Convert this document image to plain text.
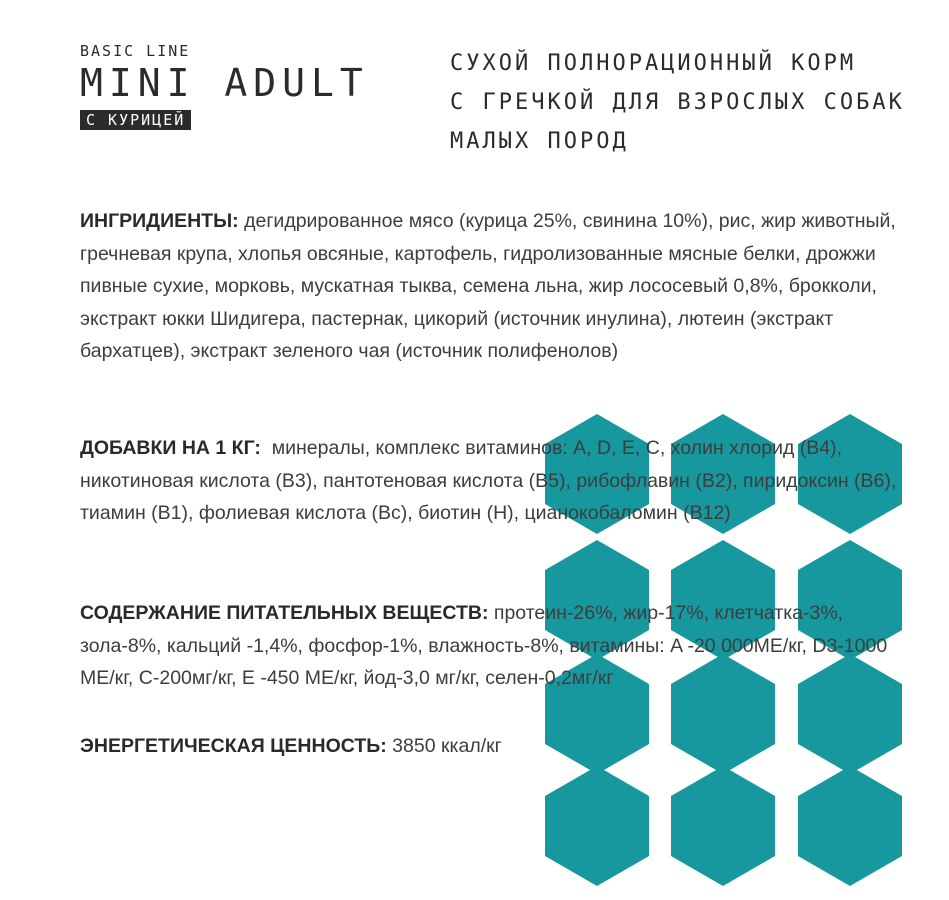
BASIC LINE
MINI ADULT
С КУРИЦЕЙ
СУХОЙ ПОЛНОРАЦИОННЫЙ КОРМ
С ГРЕЧКОЙ ДЛЯ ВЗРОСЛЫХ СОБАК
МАЛЫХ ПОРОД

ИНГРИДИЕНТЫ: дегидрированное мясо (курица 25%, свинина 10%), рис, жир животный, гречневая крупа, хлопья овсяные, картофель, гидролизованные мясные белки, дрожжи пивные сухие, морковь, мускатная тыква, семена льна, жир лососевый 0,8%, брокколи, экстракт юкки Шидигера, пастернак, цикорий (источник инулина), лютеин (экстракт бархатцев), экстракт зеленого чая (источник полифенолов)

ДОБАВКИ НА 1 КГ:  минералы, комплекс витаминов: A, D, E, C, холин хлорид (B4), никотиновая кислота (B3), пантотеновая кислота (B5), рибофлавин (B2), пиридоксин (B6), тиамин (B1), фолиевая кислота (Bc), биотин (H), цианокобаломин (B12)

СОДЕРЖАНИЕ ПИТАТЕЛЬНЫХ ВЕЩЕСТВ: протеин-26%, жир-17%, клетчатка-3%, зола-8%, кальций -1,4%, фосфор-1%, влажность-8%, витамины: A -20 000МЕ/кг, D3-1000 МЕ/кг, C-200мг/кг, E -450 МЕ/кг, йод-3,0 мг/кг, селен-0,2мг/кг

ЭНЕРГЕТИЧЕСКАЯ ЦЕННОСТЬ: 3850 ккал/кг
